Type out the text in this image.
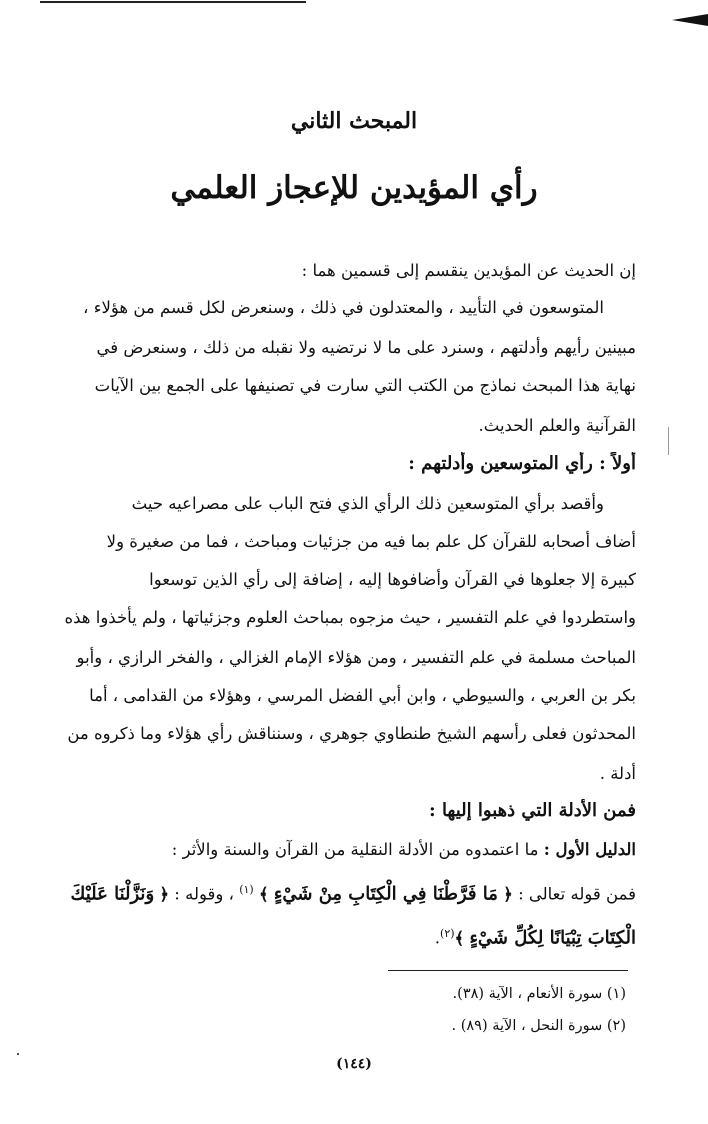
المبحث الثاني
رأي المؤيدين للإعجاز العلمي
إن الحديث عن المؤيدين ينقسم إلى قسمين هما :
المتوسعون في التأييد ، والمعتدلون في ذلك ، وسنعرض لكل قسم من هؤلاء ،
مبينين رأيهم وأدلتهم ، وسنرد على ما لا نرتضيه ولا نقبله من ذلك ، وسنعرض في
نهاية هذا المبحث نماذج من الكتب التي سارت في تصنيفها على الجمع بين الآيات
القرآنية والعلم الحديث.
أولاً : رأي المتوسعين وأدلتهم :
وأقصد برأي المتوسعين ذلك الرأي الذي فتح الباب على مصراعيه حيث
أضاف أصحابه للقرآن كل علم بما فيه من جزئيات ومباحث ، فما من صغيرة ولا
كبيرة إلا جعلوها في القرآن وأضافوها إليه ، إضافة إلى رأي الذين توسعوا
واستطردوا في علم التفسير ، حيث مزجوه بمباحث العلوم وجزئياتها ، ولم يأخذوا هذه
المباحث مسلمة في علم التفسير ، ومن هؤلاء الإمام الغزالي ، والفخر الرازي ، وأبو
بكر بن العربي ، والسيوطي ، وابن أبي الفضل المرسي ، وهؤلاء من القدامى ، أما
المحدثون فعلى رأسهم الشيخ طنطاوي جوهري ، وسنناقش رأي هؤلاء وما ذكروه من
أدلة .
فمن الأدلة التي ذهبوا إليها :
الدليل الأول : ما اعتمدوه من الأدلة النقلية من القرآن والسنة والأثر :
فمن قوله تعالى : ﴿ مَا فَرَّطْنَا فِي الْكِتَابِ مِنْ شَيْءٍ ﴾ $^{(١)}$ ، وقوله : ﴿ وَنَزَّلْنَا عَلَيْكَ
الْكِتَابَ تِبْيَانًا لِكُلِّ شَيْءٍ ﴾$^{(٢)}$.
(١) سورة الأنعام ، الآية (٣٨).
(٢) سورة النحل ، الآية (٨٩) .
(١٤٤)
